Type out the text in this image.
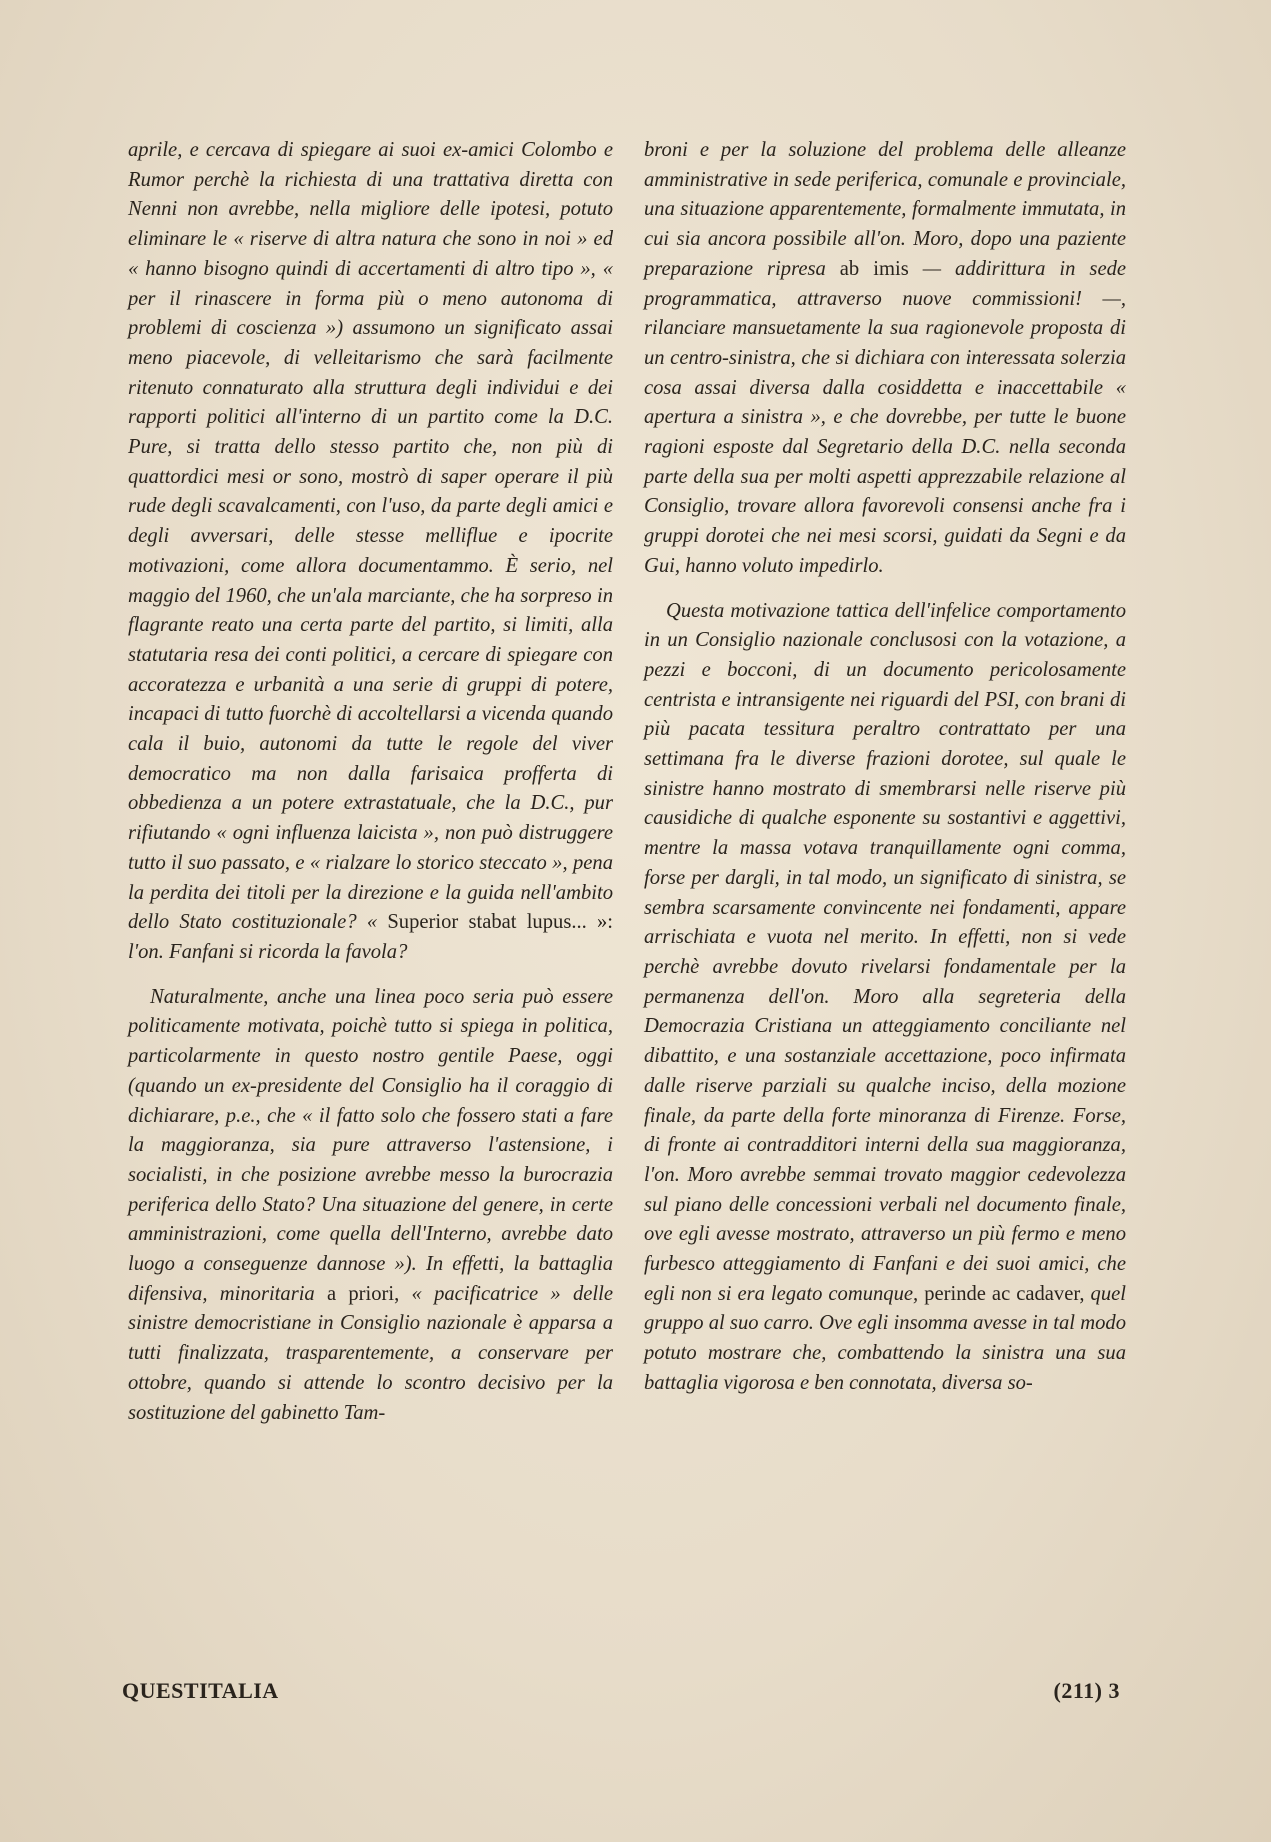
aprile, e cercava di spiegare ai suoi ex-amici Colombo e Rumor perchè la richiesta di una trattativa diretta con Nenni non avrebbe, nella migliore delle ipotesi, potuto eliminare le « riserve di altra natura che sono in noi » ed « hanno bisogno quindi di accertamenti di altro tipo », « per il rinascere in forma più o meno autonoma di problemi di coscienza ») assumono un significato assai meno piacevole, di velleitarismo che sarà facilmente ritenuto connaturato alla struttura degli individui e dei rapporti politici all'interno di un partito come la D.C. Pure, si tratta dello stesso partito che, non più di quattordici mesi or sono, mostrò di saper operare il più rude degli scavalcamenti, con l'uso, da parte degli amici e degli avversari, delle stesse melliflue e ipocrite motivazioni, come allora documentammo. È serio, nel maggio del 1960, che un'ala marciante, che ha sorpreso in flagrante reato una certa parte del partito, si limiti, alla statutaria resa dei conti politici, a cercare di spiegare con accoratezza e urbanità a una serie di gruppi di potere, incapaci di tutto fuorchè di accoltellarsi a vicenda quando cala il buio, autonomi da tutte le regole del viver democratico ma non dalla farisaica profferta di obbedienza a un potere extrastatuale, che la D.C., pur rifiutando « ogni influenza laicista », non può distruggere tutto il suo passato, e « rialzare lo storico steccato », pena la perdita dei titoli per la direzione e la guida nell'ambito dello Stato costituzionale? « Superior stabat lupus... »: l'on. Fanfani si ricorda la favola?

Naturalmente, anche una linea poco seria può essere politicamente motivata, poichè tutto si spiega in politica, particolarmente in questo nostro gentile Paese, oggi (quando un ex-presidente del Consiglio ha il coraggio di dichiarare, p.e., che « il fatto solo che fossero stati a fare la maggioranza, sia pure attraverso l'astensione, i socialisti, in che posizione avrebbe messo la burocrazia periferica dello Stato? Una situazione del genere, in certe amministrazioni, come quella dell'Interno, avrebbe dato luogo a conseguenze dannose »). In effetti, la battaglia difensiva, minoritaria a priori, « pacificatrice » delle sinistre democristiane in Consiglio nazionale è apparsa a tutti finalizzata, trasparentemente, a conservare per ottobre, quando si attende lo scontro decisivo per la sostituzione del gabinetto Tam-

broni e per la soluzione del problema delle alleanze amministrative in sede periferica, comunale e provinciale, una situazione apparentemente, formalmente immutata, in cui sia ancora possibile all'on. Moro, dopo una paziente preparazione ripresa ab imis — addirittura in sede programmatica, attraverso nuove commissioni! —, rilanciare mansuetamente la sua ragionevole proposta di un centro-sinistra, che si dichiara con interessata solerzia cosa assai diversa dalla cosiddetta e inaccettabile « apertura a sinistra », e che dovrebbe, per tutte le buone ragioni esposte dal Segretario della D.C. nella seconda parte della sua per molti aspetti apprezzabile relazione al Consiglio, trovare allora favorevoli consensi anche fra i gruppi dorotei che nei mesi scorsi, guidati da Segni e da Gui, hanno voluto impedirlo.

Questa motivazione tattica dell'infelice comportamento in un Consiglio nazionale conclusosi con la votazione, a pezzi e bocconi, di un documento pericolosamente centrista e intransigente nei riguardi del PSI, con brani di più pacata tessitura peraltro contrattato per una settimana fra le diverse frazioni dorotee, sul quale le sinistre hanno mostrato di smembrarsi nelle riserve più causidiche di qualche esponente su sostantivi e aggettivi, mentre la massa votava tranquillamente ogni comma, forse per dargli, in tal modo, un significato di sinistra, se sembra scarsamente convincente nei fondamenti, appare arrischiata e vuota nel merito. In effetti, non si vede perchè avrebbe dovuto rivelarsi fondamentale per la permanenza dell'on. Moro alla segreteria della Democrazia Cristiana un atteggiamento conciliante nel dibattito, e una sostanziale accettazione, poco infirmata dalle riserve parziali su qualche inciso, della mozione finale, da parte della forte minoranza di Firenze. Forse, di fronte ai contradditori interni della sua maggioranza, l'on. Moro avrebbe semmai trovato maggior cedevolezza sul piano delle concessioni verbali nel documento finale, ove egli avesse mostrato, attraverso un più fermo e meno furbesco atteggiamento di Fanfani e dei suoi amici, che egli non si era legato comunque, perinde ac cadaver, quel gruppo al suo carro. Ove egli insomma avesse in tal modo potuto mostrare che, combattendo la sinistra una sua battaglia vigorosa e ben connotata, diversa so-

QUESTITALIA	(211) 3
